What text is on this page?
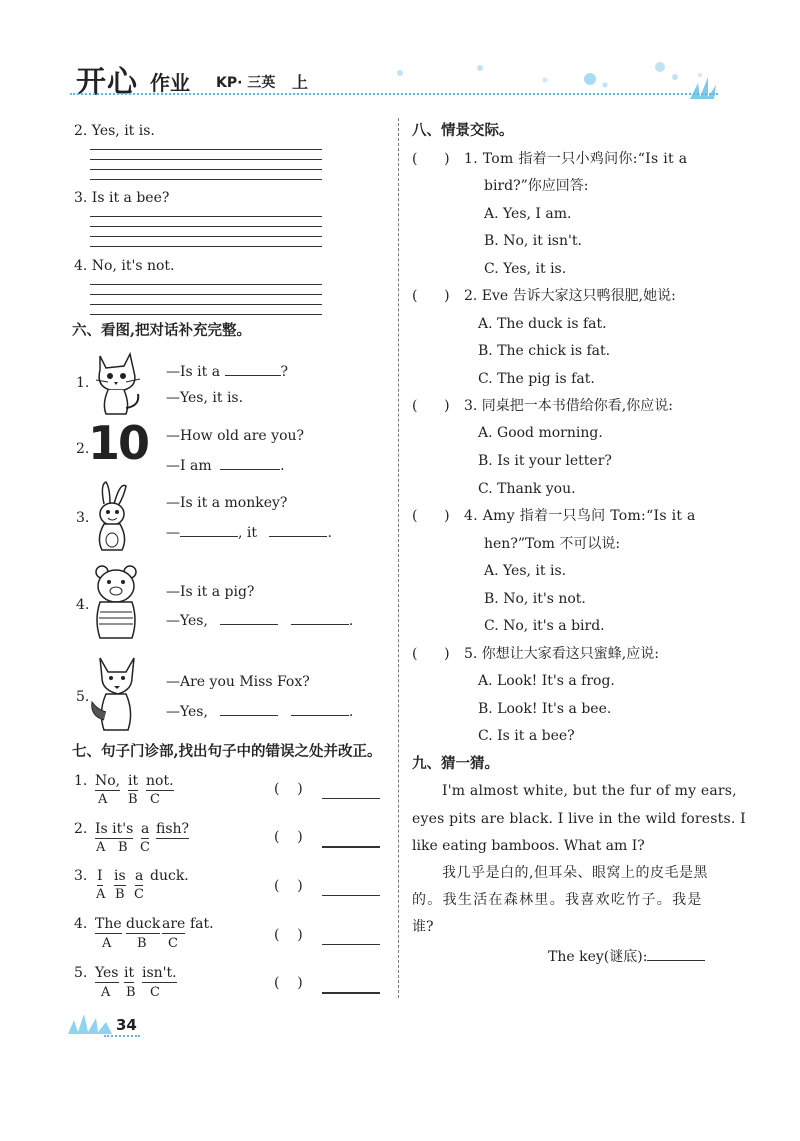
开心 作业 KP· 三英 上
2. Yes, it is.
3. Is it a bee?
4. No, it's not.
六、看图,把对话补充完整。
1.
—Is it a	?
—Yes, it is.
2.
10 —How old are you?
—I am	.
3.
—Is it a monkey?
—	, it	.
4.
—Is it a pig?
—Yes,	.
5.
—Are you Miss Fox?
—Yes,	.
七、句子门诊部,找出句子中的错误之处并改正。
1. No, it not.
A B C
(    )
2. Is it's a fish?
A B C
(    )
3. I is a duck.
A B C
(    )
4. The duck are fat.
A B C
(    )
5. Yes it isn't.
A B C
(    )
八、情景交际。
(      ) 1. Tom 指着一只小鸡问你:“Is it a
bird?”你应回答:
A. Yes, I am.
B. No, it isn't.
C. Yes, it is.
(      ) 2. Eve 告诉大家这只鸭很肥,她说:
A. The duck is fat.
B. The chick is fat.
C. The pig is fat.
(      ) 3. 同桌把一本书借给你看,你应说:
A. Good morning.
B. Is it your letter?
C. Thank you.
(      ) 4. Amy 指着一只鸟问 Tom:“Is it a
hen?”Tom 不可以说:
A. Yes, it is.
B. No, it's not.
C. No, it's a bird.
(      ) 5. 你想让大家看这只蜜蜂,应说:
A. Look! It's a frog.
B. Look! It's a bee.
C. Is it a bee?
九、猜一猜。
I'm almost white, but the fur of my ears,
eyes pits are black. I live in the wild forests. I
like eating bamboos. What am I?
我几乎是白的,但耳朵、眼窝上的皮毛是黑
的。我生活在森林里。我喜欢吃竹子。我是
谁?
The key(谜底):
34
